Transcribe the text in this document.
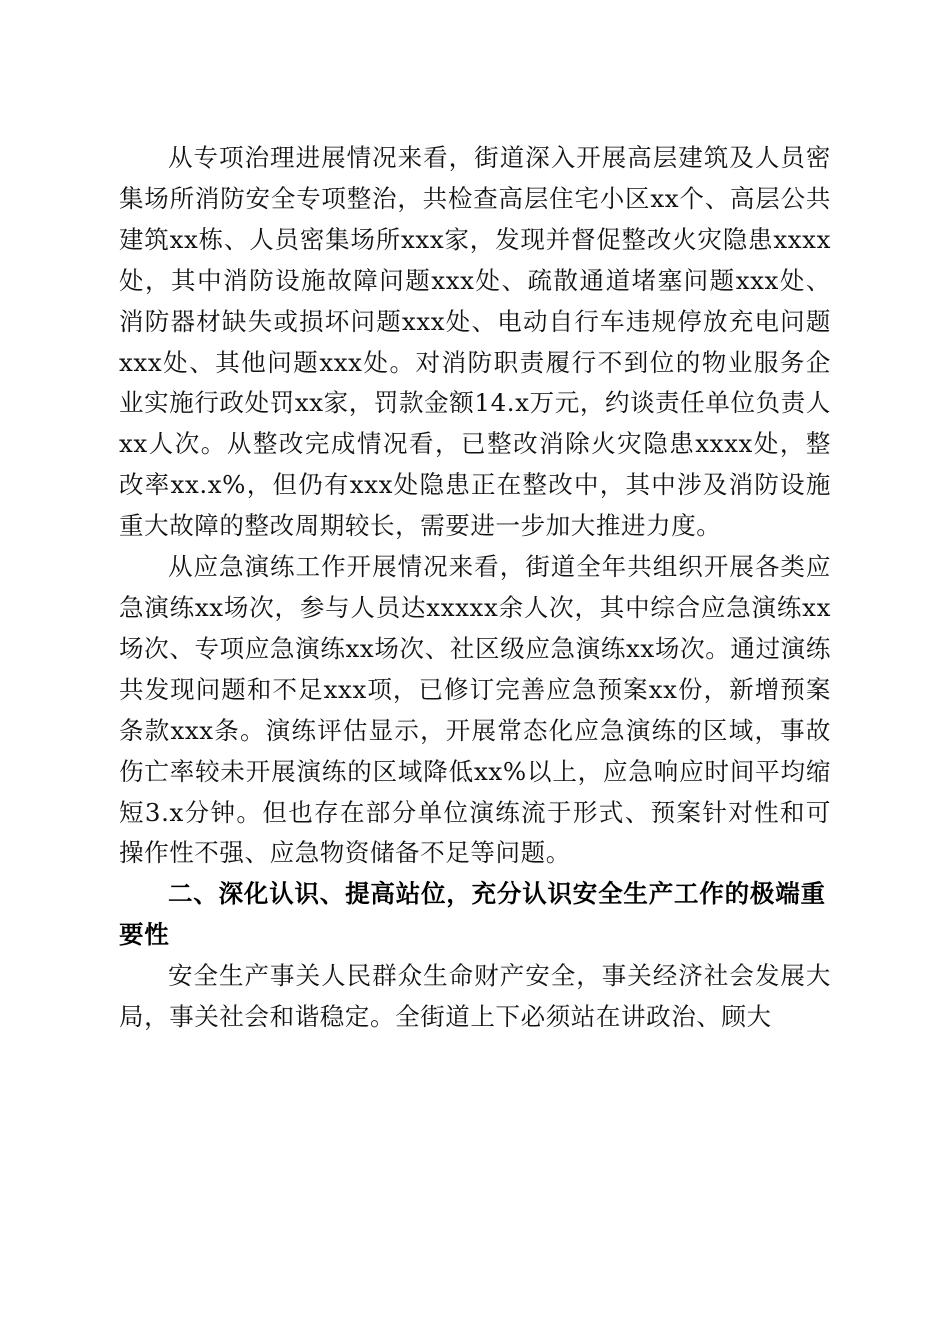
从专项治理进展情况来看，街道深入开展高层建筑及人员密集场所消防安全专项整治，共检查高层住宅小区xx个、高层公共建筑xx栋、人员密集场所xxx家，发现并督促整改火灾隐患xxxx处，其中消防设施故障问题xxx处、疏散通道堵塞问题xxx处、消防器材缺失或损坏问题xxx处、电动自行车违规停放充电问题xxx处、其他问题xxx处。对消防职责履行不到位的物业服务企业实施行政处罚xx家，罚款金额14.x万元，约谈责任单位负责人xx人次。从整改完成情况看，已整改消除火灾隐患xxxx处，整改率xx.x%，但仍有xxx处隐患正在整改中，其中涉及消防设施重大故障的整改周期较长，需要进一步加大推进力度。

从应急演练工作开展情况来看，街道全年共组织开展各类应急演练xx场次，参与人员达xxxxx余人次，其中综合应急演练xx场次、专项应急演练xx场次、社区级应急演练xx场次。通过演练共发现问题和不足xxx项，已修订完善应急预案xx份，新增预案条款xxx条。演练评估显示，开展常态化应急演练的区域，事故伤亡率较未开展演练的区域降低xx%以上，应急响应时间平均缩短3.x分钟。但也存在部分单位演练流于形式、预案针对性和可操作性不强、应急物资储备不足等问题。

二、深化认识、提高站位，充分认识安全生产工作的极端重要性

安全生产事关人民群众生命财产安全，事关经济社会发展大局，事关社会和谐稳定。全街道上下必须站在讲政治、顾大
